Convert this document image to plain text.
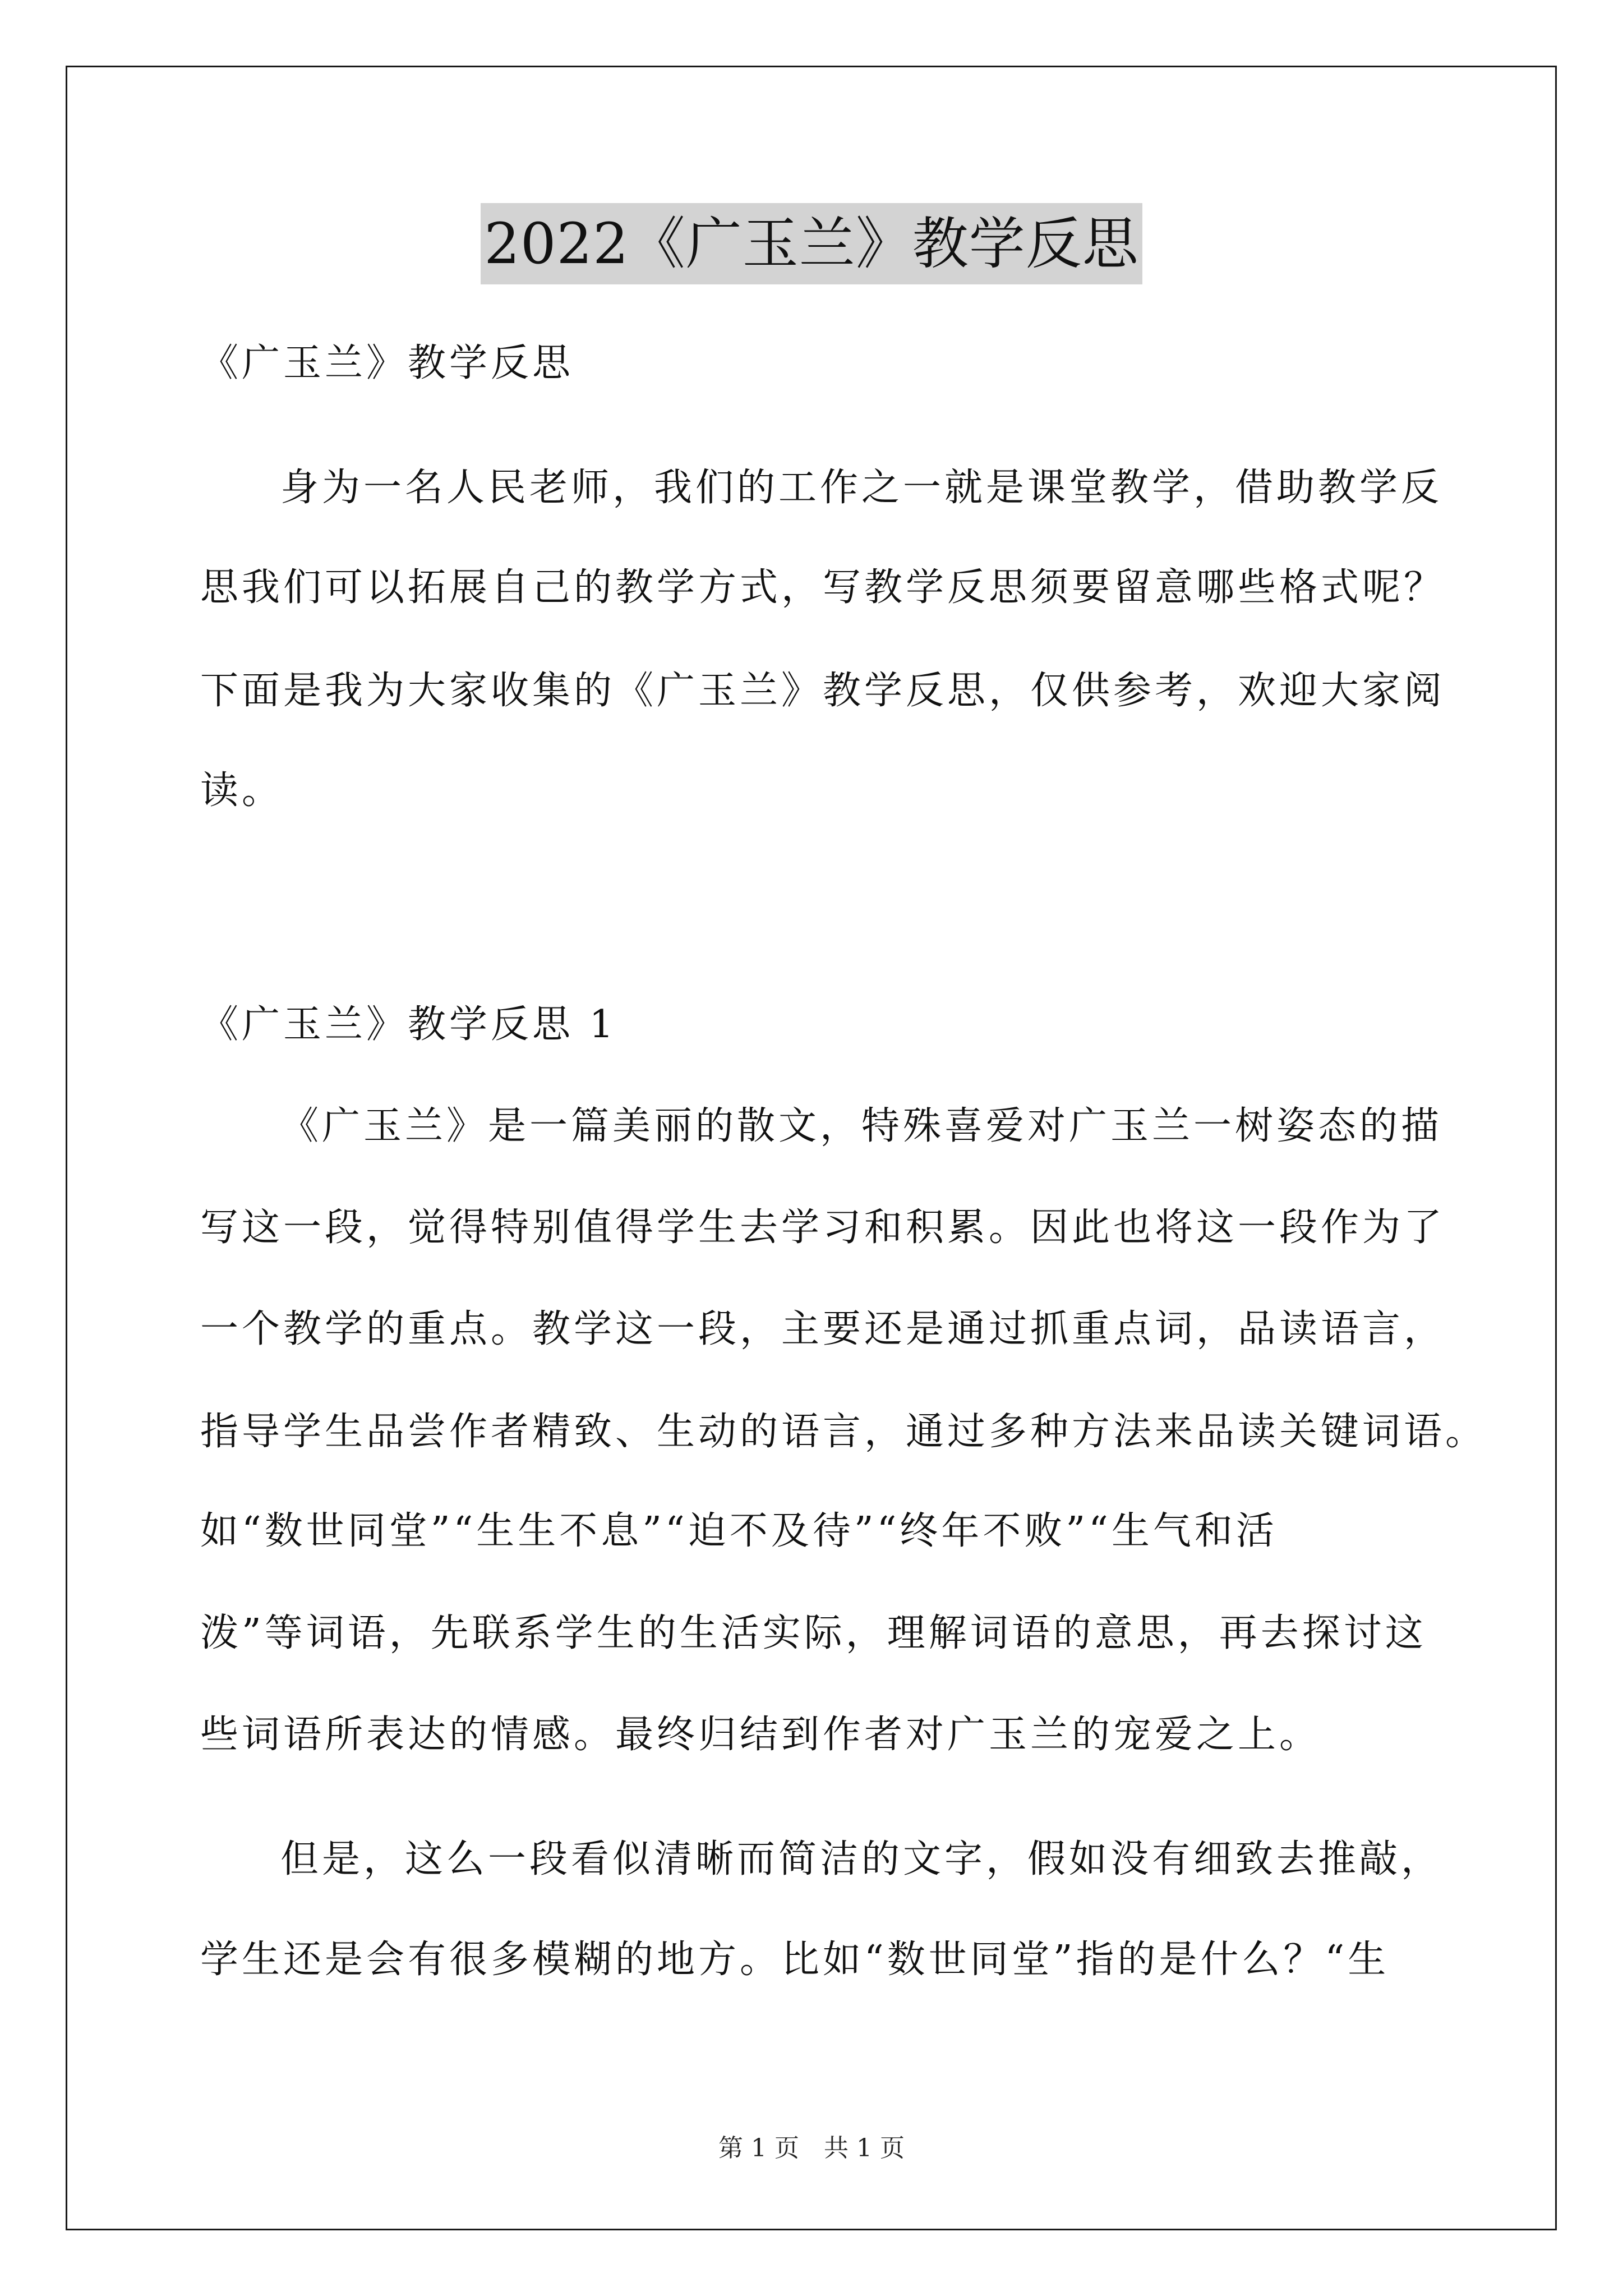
2022《广玉兰》教学反思
《广玉兰》教学反思
身为一名人民老师，我们的工作之一就是课堂教学，借助教学反
思我们可以拓展自己的教学方式，写教学反思须要留意哪些格式呢？
下面是我为大家收集的《广玉兰》教学反思，仅供参考，欢迎大家阅
读。
《广玉兰》教学反思 1
《广玉兰》是一篇美丽的散文，特殊喜爱对广玉兰一树姿态的描
写这一段，觉得特别值得学生去学习和积累。因此也将这一段作为了
一个教学的重点。教学这一段，主要还是通过抓重点词，品读语言，
指导学生品尝作者精致、生动的语言，通过多种方法来品读关键词语。
如“数世同堂”“生生不息”“迫不及待”“终年不败”“生气和活
泼”等词语，先联系学生的生活实际，理解词语的意思，再去探讨这
些词语所表达的情感。最终归结到作者对广玉兰的宠爱之上。
但是，这么一段看似清晰而简洁的文字，假如没有细致去推敲，
学生还是会有很多模糊的地方。比如“数世同堂”指的是什么？“生
第 1 页　共 1 页
